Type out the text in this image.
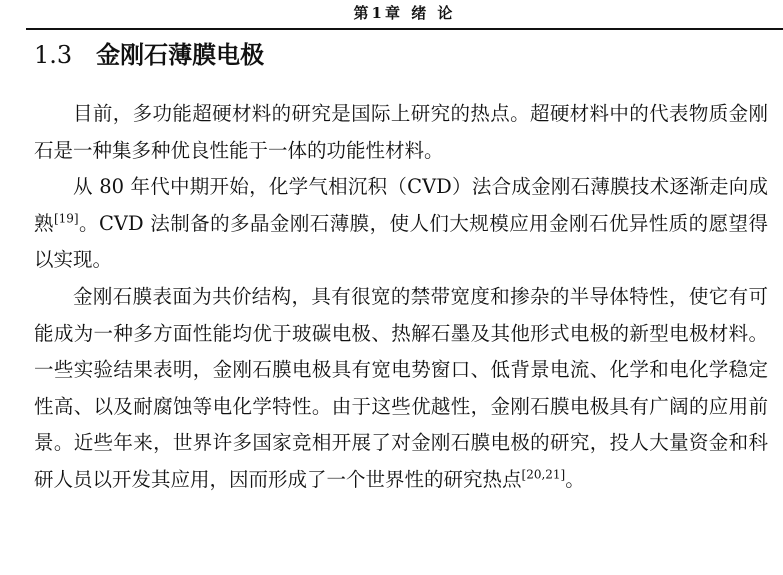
第1章 绪 论
1.3 金刚石薄膜电极

目前，多功能超硬材料的研究是国际上研究的热点。超硬材料中的代表物质金刚石是一种集多种优良性能于一体的功能性材料。

从 80 年代中期开始，化学气相沉积（CVD）法合成金刚石薄膜技术逐渐走向成熟[19]。CVD 法制备的多晶金刚石薄膜，使人们大规模应用金刚石优异性质的愿望得以实现。

金刚石膜表面为共价结构，具有很宽的禁带宽度和掺杂的半导体特性，使它有可能成为一种多方面性能均优于玻碳电极、热解石墨及其他形式电极的新型电极材料。一些实验结果表明，金刚石膜电极具有宽电势窗口、低背景电流、化学和电化学稳定性高、以及耐腐蚀等电化学特性。由于这些优越性，金刚石膜电极具有广阔的应用前景。近些年来，世界许多国家竞相开展了对金刚石膜电极的研究，投人大量资金和科研人员以开发其应用，因而形成了一个世界性的研究热点[20,21]。
